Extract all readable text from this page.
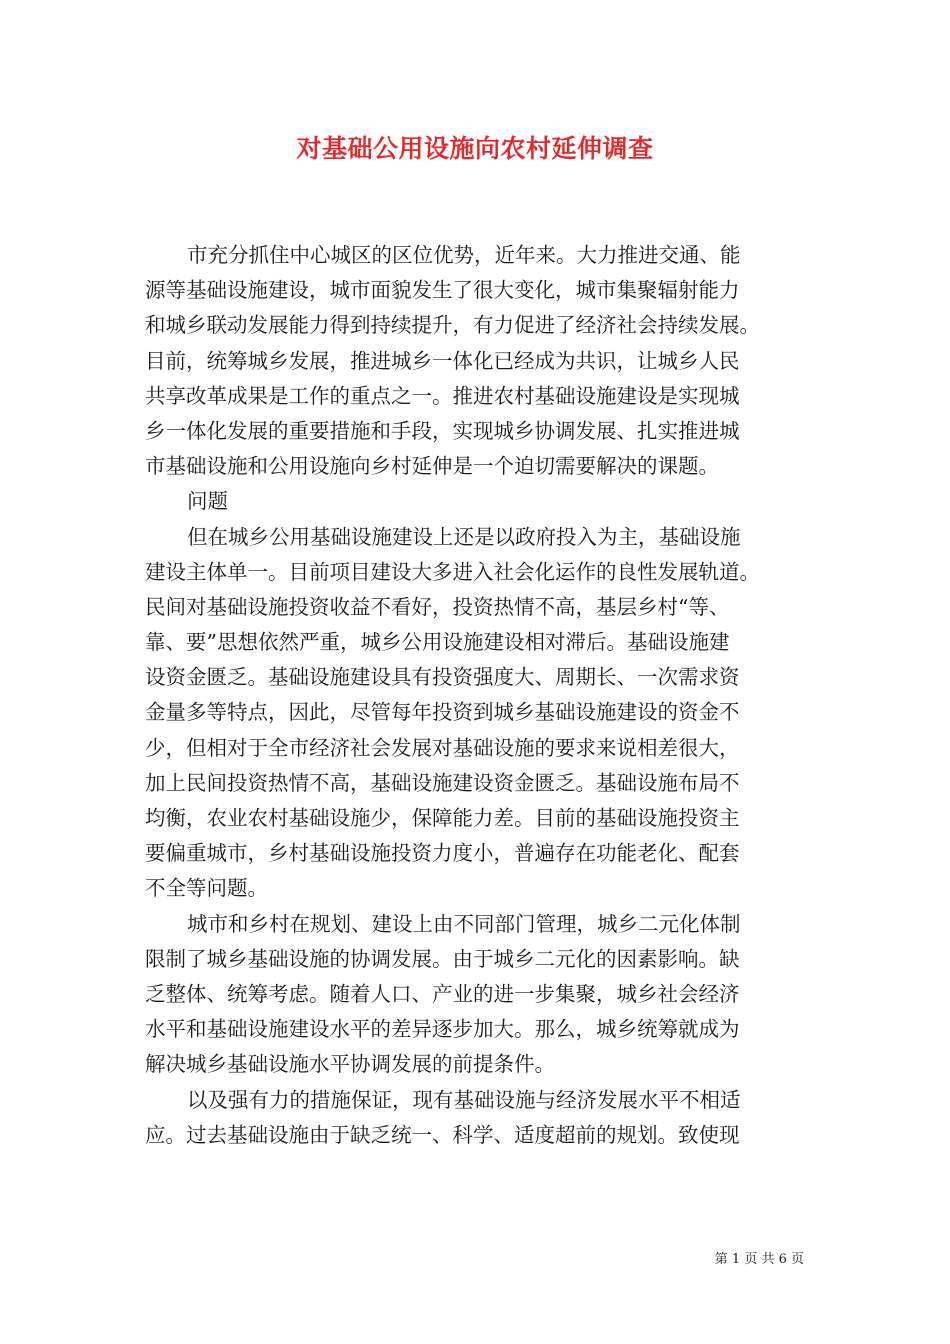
对基础公用设施向农村延伸调查
市充分抓住中心城区的区位优势，近年来。大力推进交通、能
源等基础设施建设，城市面貌发生了很大变化，城市集聚辐射能力
和城乡联动发展能力得到持续提升，有力促进了经济社会持续发展。
目前，统筹城乡发展，推进城乡一体化已经成为共识，让城乡人民
共享改革成果是工作的重点之一。推进农村基础设施建设是实现城
乡一体化发展的重要措施和手段，实现城乡协调发展、扎实推进城
市基础设施和公用设施向乡村延伸是一个迫切需要解决的课题。
问题
但在城乡公用基础设施建设上还是以政府投入为主，基础设施
建设主体单一。目前项目建设大多进入社会化运作的良性发展轨道。
民间对基础设施投资收益不看好，投资热情不高，基层乡村“等、
靠、要”思想依然严重，城乡公用设施建设相对滞后。基础设施建
设资金匮乏。基础设施建设具有投资强度大、周期长、一次需求资
金量多等特点，因此，尽管每年投资到城乡基础设施建设的资金不
少，但相对于全市经济社会发展对基础设施的要求来说相差很大，
加上民间投资热情不高，基础设施建设资金匮乏。基础设施布局不
均衡，农业农村基础设施少，保障能力差。目前的基础设施投资主
要偏重城市，乡村基础设施投资力度小，普遍存在功能老化、配套
不全等问题。
城市和乡村在规划、建设上由不同部门管理，城乡二元化体制
限制了城乡基础设施的协调发展。由于城乡二元化的因素影响。缺
乏整体、统筹考虑。随着人口、产业的进一步集聚，城乡社会经济
水平和基础设施建设水平的差异逐步加大。那么，城乡统筹就成为
解决城乡基础设施水平协调发展的前提条件。
以及强有力的措施保证，现有基础设施与经济发展水平不相适
应。过去基础设施由于缺乏统一、科学、适度超前的规划。致使现
第 1 页 共 6 页
